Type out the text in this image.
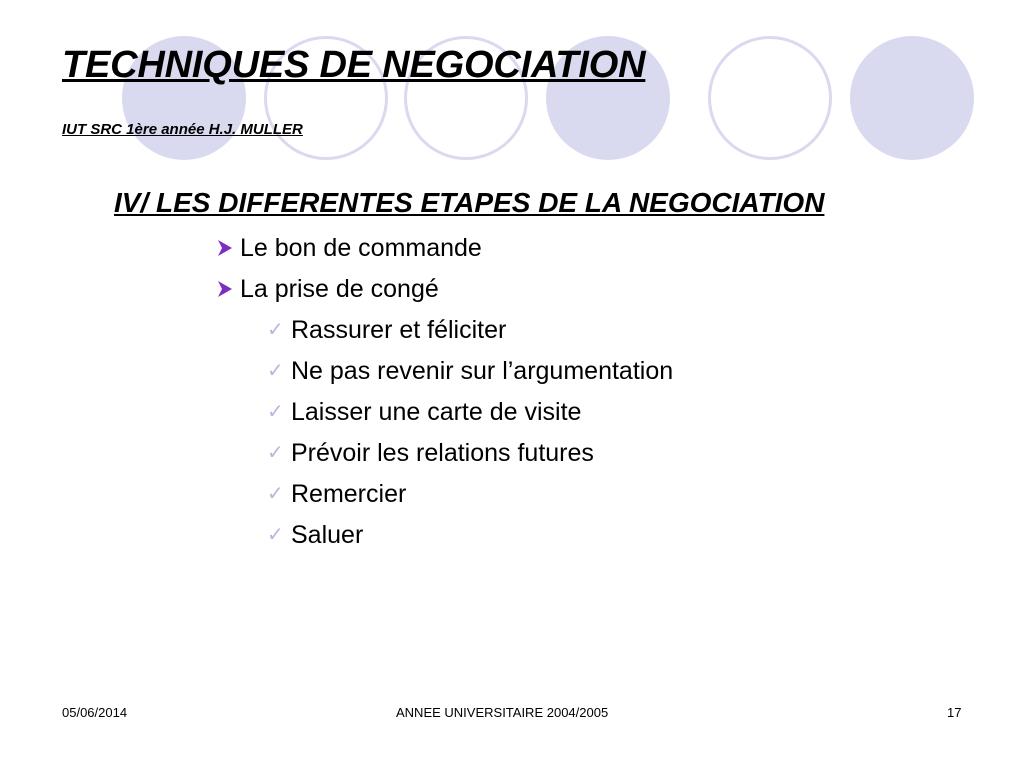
TECHNIQUES DE NEGOCIATION
IUT SRC 1ère année H.J. MULLER
IV/ LES DIFFERENTES ETAPES DE LA NEGOCIATION
Le bon de commande
La prise de congé
✓ Rassurer et féliciter
✓ Ne pas revenir sur l’argumentation
✓ Laisser une carte de visite
✓ Prévoir les relations futures
✓ Remercier
✓ Saluer
05/06/2014	ANNEE UNIVERSITAIRE 2004/2005	17
